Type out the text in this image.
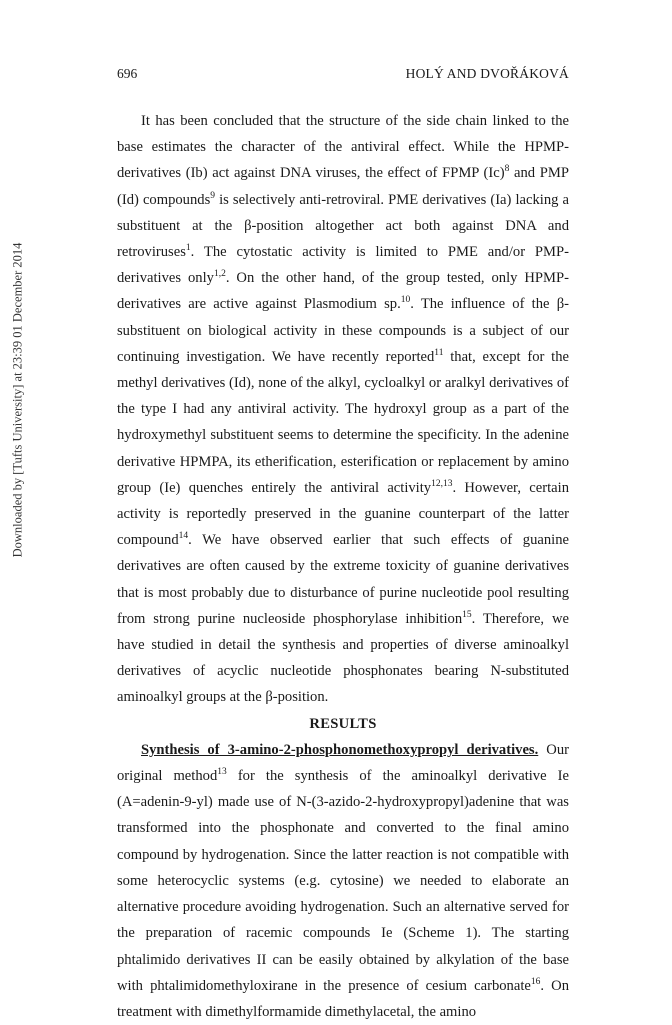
Downloaded by [Tufts University] at 23:39 01 December 2014
696	HOLÝ AND DVOŘÁKOVÁ

It has been concluded that the structure of the side chain linked to the base estimates the character of the antiviral effect. While the HPMP-derivatives (Ib) act against DNA viruses, the effect of FPMP $(Ic)^8$ and PMP (Id) compounds$^9$ is selectively anti-retroviral. PME derivatives (Ia) lacking a substituent at the β-position altogether act both against DNA and retroviruses$^1$. The cytostatic activity is limited to PME and/or PMP-derivatives only$^{1,2}$. On the other hand, of the group tested, only HPMP-derivatives are active against Plasmodium sp.$^{10}$. The influence of the β-substituent on biological activity in these compounds is a subject of our continuing investigation. We have recently reported$^{11}$ that, except for the methyl derivatives (Id), none of the alkyl, cycloalkyl or aralkyl derivatives of the type I had any antiviral activity. The hydroxyl group as a part of the hydroxymethyl substituent seems to determine the specificity. In the adenine derivative HPMPA, its etherification, esterification or replacement by amino group (Ie) quenches entirely the antiviral activity$^{12,13}$. However, certain activity is reportedly preserved in the guanine counterpart of the latter compound$^{14}$. We have observed earlier that such effects of guanine derivatives are often caused by the extreme toxicity of guanine derivatives that is most probably due to disturbance of purine nucleotide pool resulting from strong purine nucleoside phosphorylase inhibition$^{15}$. Therefore, we have studied in detail the synthesis and properties of diverse aminoalkyl derivatives of acyclic nucleotide phosphonates bearing N-substituted aminoalkyl groups at the β-position.

RESULTS

Synthesis of 3-amino-2-phosphonomethoxypropyl derivatives. Our original method$^{13}$ for the synthesis of the aminoalkyl derivative Ie (A=adenin-9-yl) made use of N-(3-azido-2-hydroxypropyl)adenine that was transformed into the phosphonate and converted to the final amino compound by hydrogenation. Since the latter reaction is not compatible with some heterocyclic systems (e.g. cytosine) we needed to elaborate an alternative procedure avoiding hydrogenation. Such an alternative served for the preparation of racemic compounds Ie (Scheme 1). The starting phtalimido derivatives II can be easily obtained by alkylation of the base with phtalimidomethyloxirane in the presence of cesium carbonate$^{16}$. On treatment with dimethylformamide dimethylacetal, the amino
